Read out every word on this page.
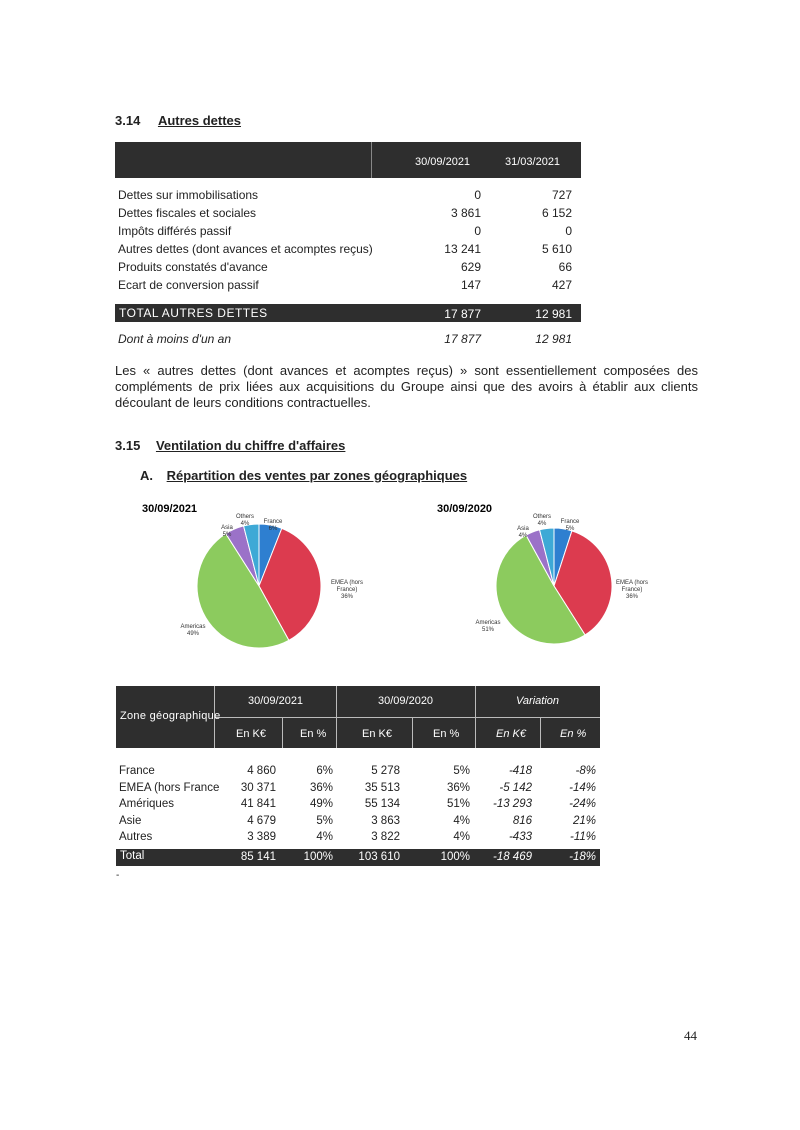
3.14 Autres dettes
30/09/2021	31/03/2021
Dettes sur immobilisations	0	727
Dettes fiscales et sociales	3 861	6 152
Impôts différés passif	0	0
Autres dettes (dont avances et acomptes reçus)	13 241	5 610
Produits constatés d'avance	629	66
Ecart de conversion passif	147	427
TOTAL AUTRES DETTES	17 877	12 981
Dont à moins d'un an	17 877	12 981
Les « autres dettes (dont avances et acomptes reçus) » sont essentiellement composées des compléments de prix liées aux acquisitions du Groupe ainsi que des avoirs à établir aux clients découlant de leurs conditions contractuelles.
3.15 Ventilation du chiffre d'affaires
A. Répartition des ventes par zones géographiques
30/09/2021
France 6%
EMEA (hors France) 36%
Americas 49%
Asia 5%
Others 4%
30/09/2020
France 5%
EMEA (hors France) 36%
Americas 51%
Asia 4%
Others 4%
Zone géographique
30/09/2021	30/09/2020	Variation
En K€	En %	En K€	En %	En K€	En %
France	4 860	6%	5 278	5%	-418	-8%
EMEA (hors France	30 371	36%	35 513	36%	-5 142	-14%
Amériques	41 841	49%	55 134	51%	-13 293	-24%
Asie	4 679	5%	3 863	4%	816	21%
Autres	3 389	4%	3 822	4%	-433	-11%
Total	85 141	100%	103 610	100%	-18 469	-18%
-
44
